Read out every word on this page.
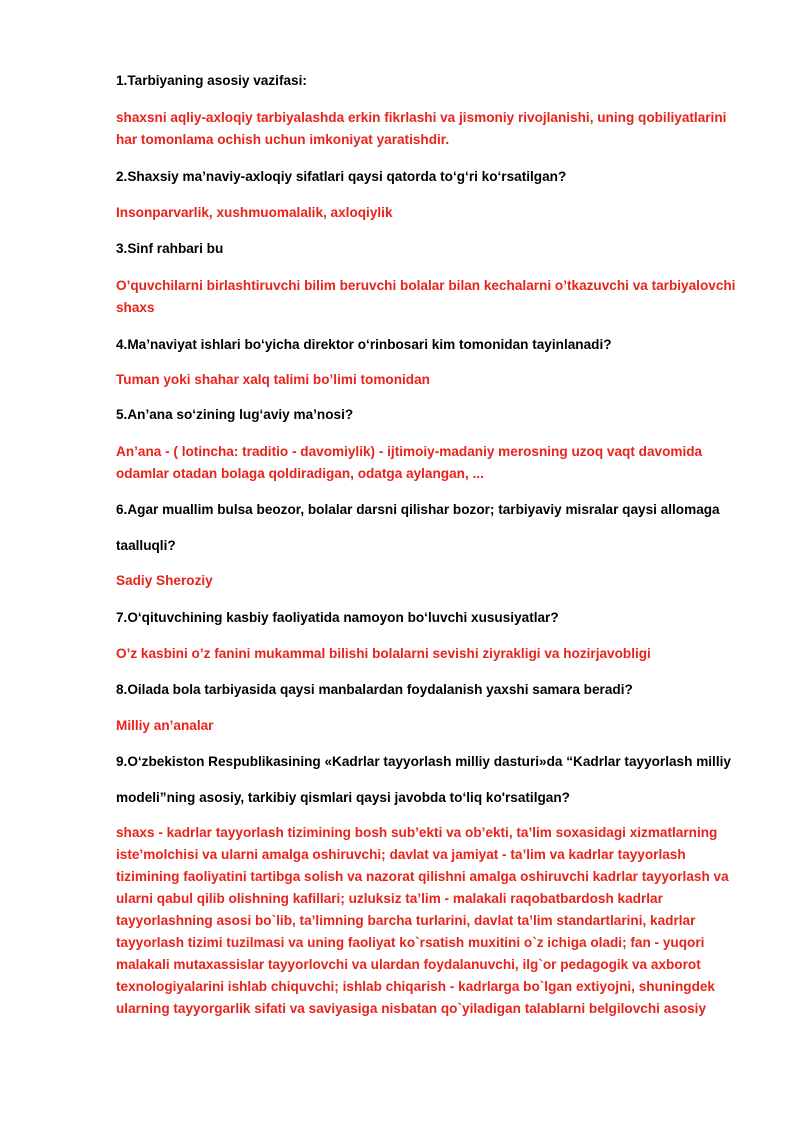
1.Tarbiyaning asosiy vazifasi:

shaxsni aqliy-axloqiy tarbiyalashda erkin fikrlashi va jismoniy rivojlanishi, uning qobiliyatlarini har tomonlama ochish uchun imkoniyat yaratishdir.

2.Shaxsiy ma’naviy-axloqiy sifatlari qaysi qatorda to‘g‘ri ko‘rsatilgan?

Insonparvarlik, xushmuomalalik, axloqiylik

3.Sinf rahbari bu

O’quvchilarni birlashtiruvchi bilim beruvchi bolalar bilan kechalarni o’tkazuvchi va tarbiyalovchi shaxs

4.Ma’naviyat ishlari bo‘yicha direktor o‘rinbosari kim tomonidan tayinlanadi?

Tuman yoki shahar xalq talimi bo’limi tomonidan

5.An’ana so‘zining lug‘aviy ma’nosi?

An’ana - ( lotincha: traditio - davomiylik) - ijtimoiy-madaniy merosning uzoq vaqt davomida odamlar otadan bolaga qoldiradigan, odatga aylangan, ...

6.Agar muallim bulsa beozor, bolalar darsni qilishar bozor; tarbiyaviy misralar qaysi allomaga taalluqli?

Sadiy Sheroziy

7.O‘qituvchining kasbiy faoliyatida namoyon bo‘luvchi xususiyatlar?

O’z kasbini o’z fanini mukammal bilishi bolalarni sevishi ziyrakligi va hozirjavobligi

8.Oilada bola tarbiyasida qaysi manbalardan foydalanish yaxshi samara beradi?

Milliy an’analar

9.O‘zbekiston Respublikasining «Kadrlar tayyorlash milliy dasturi»da “Kadrlar tayyorlash milliy modeli”ning asosiy, tarkibiy qismlari qaysi javobda to‘liq ko'rsatilgan?

shaxs - kadrlar tayyorlash tizimining bosh sub’ekti va ob’ekti, ta’lim soxasidagi xizmatlarning iste’molchisi va ularni amalga oshiruvchi; davlat va jamiyat - ta’lim va kadrlar tayyorlash tizimining faoliyatini tartibga solish va nazorat qilishni amalga oshiruvchi kadrlar tayyorlash va ularni qabul qilib olishning kafillari; uzluksiz ta’lim - malakali raqobatbardosh kadrlar tayyorlashning asosi bo`lib, ta’limning barcha turlarini, davlat ta’lim standartlarini, kadrlar tayyorlash tizimi tuzilmasi va uning faoliyat ko`rsatish muxitini o`z ichiga oladi; fan - yuqori malakali mutaxassislar tayyorlovchi va ulardan foydalanuvchi, ilg`or pedagogik va axborot texnologiyalarini ishlab chiquvchi; ishlab chiqarish - kadrlarga bo`lgan extiyojni, shuningdek ularning tayyorgarlik sifati va saviyasiga nisbatan qo`yiladigan talablarni belgilovchi asosiy
